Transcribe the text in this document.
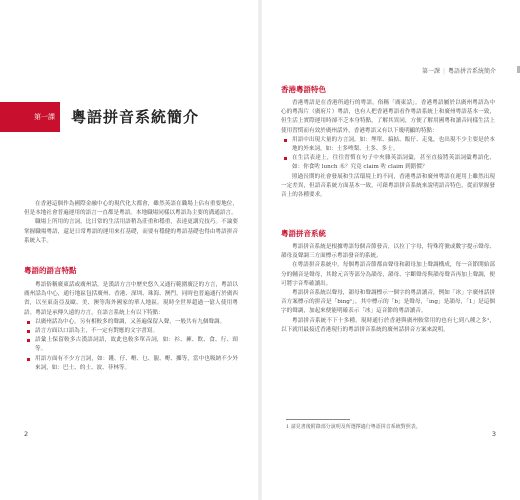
第一課	粵語拼音系統簡介

在香港這個作為國際金融中心的現代化大都會，雖然英語在職場上佔有重要地位，但是本地社會普遍運用的語言一直都是粵語。本地職場同樣以粵語為主要的溝通語言。

職場上所用的言詞，比日常的生活用語稍為莊重和穩重，表達更講究技巧。不論要掌握職場粵語，還是日常粵語的運用來打基礎，而要有穩健的粵語基礎也得由粵語拼音系統入手。

粵語的語言特點

粵語俗稱廣東話或廣州話，是漢語方言中歷史悠久又通行範圍廣泛的方言，粵語以廣州話為中心，通行地區包括廣州、香港、深圳、珠海、澳門，同時也普遍通行於廣西省，以至東南亞及歐、美、澳等海外國家的華人地區。現時全世界超過一億人使用粵語。粵語是承傳久遠的方言，在語言系統上有以下特點：

以廣州話為中心，另有相較多的聲調，又善遍保留入聲，一般共有九個聲調。
語言方面以口語為主，不一定有對應的文字書寫。
語彙上保留較多古漢語詞語，故此也較多單音詞，如：衫、褲、飲、食、行、頸等。
用語方面有不少方言詞，如：鑊、仔、嘢、乜、靚、嘢、攞等，當中也吸納不少外來詞，如：巴士、的士、波、菲林等。
2
第一課 | 粵語拼音系統簡介
香港粵語特色

香港粵語是在香港所通行的粵語，俗稱「廣東話」。香港粵語屬於以廣州粵語為中心的粵海片（廣府片）粵語，也有人把香港粵語看作粵語系統上和廣州粵語基本一致，但生活上實際運用時卻不乏本身特點，了解其異同，方便了解用國粵和讀音同樣生活上使用習慣而有效於廣州話外，香港粵語又有以下幾明顯的特點：

用語中出現大量的方言詞，如：埋單、搞掂、飯仔、走鬼，也出現不少主要是於本地的外來詞，如：士多啤梨、士多、多士。
在生活表達上，往往習慣在句子中夾雜英語詞彙，甚至直接將英語詞彙粵語化，如：你食咗 lunch 未？究竟 claim 咗 claim 到錯價？

照過長期的社會發展和生活環境上的不同，香港粵語和廣州粵語在運用上雖然出現一定差異，但語音系統方面基本一致，可藉粵語拼音系統來說明語音特色，從而掌握發音上的各種要求。

粵語拼音系統

粵語拼音系統是根據粵語每個音節發音，以拉丁字母，特殊符號或數字提示聲母、韻母及聲調三方面標示粵語發音的系統。

在粵語拼音系統中，每個粵語音節都由聲母和韻母加上聲調構成，每一音節開始部分的輔音是聲母，其餘元音等部分為韻母，韻母、字斷聲母與韻母聲音再加上聲調，便可將字音準確讀出。

粵語拼音系統以聲母，韻母和聲調標示一個字的粵語讀音，例如「冰」字廣州話拼音方案標示的拼音是「bing¹」，其中標示的「b」是聲母，「ing」是韻母，「1」是這個字的聲調，加起來便能明確表示「冰」這音節的粵語讀音。

粵語拼音系統不下十多種，現時通行於香港與廣州較常用的也有七到八種之多¹，以下就用最接近香港現行的粵語拼音系統的廣州話拼音方案來說明。

1 請見書後附錄部分說明及所選擇適行粵語拼音系統對照表。
3
